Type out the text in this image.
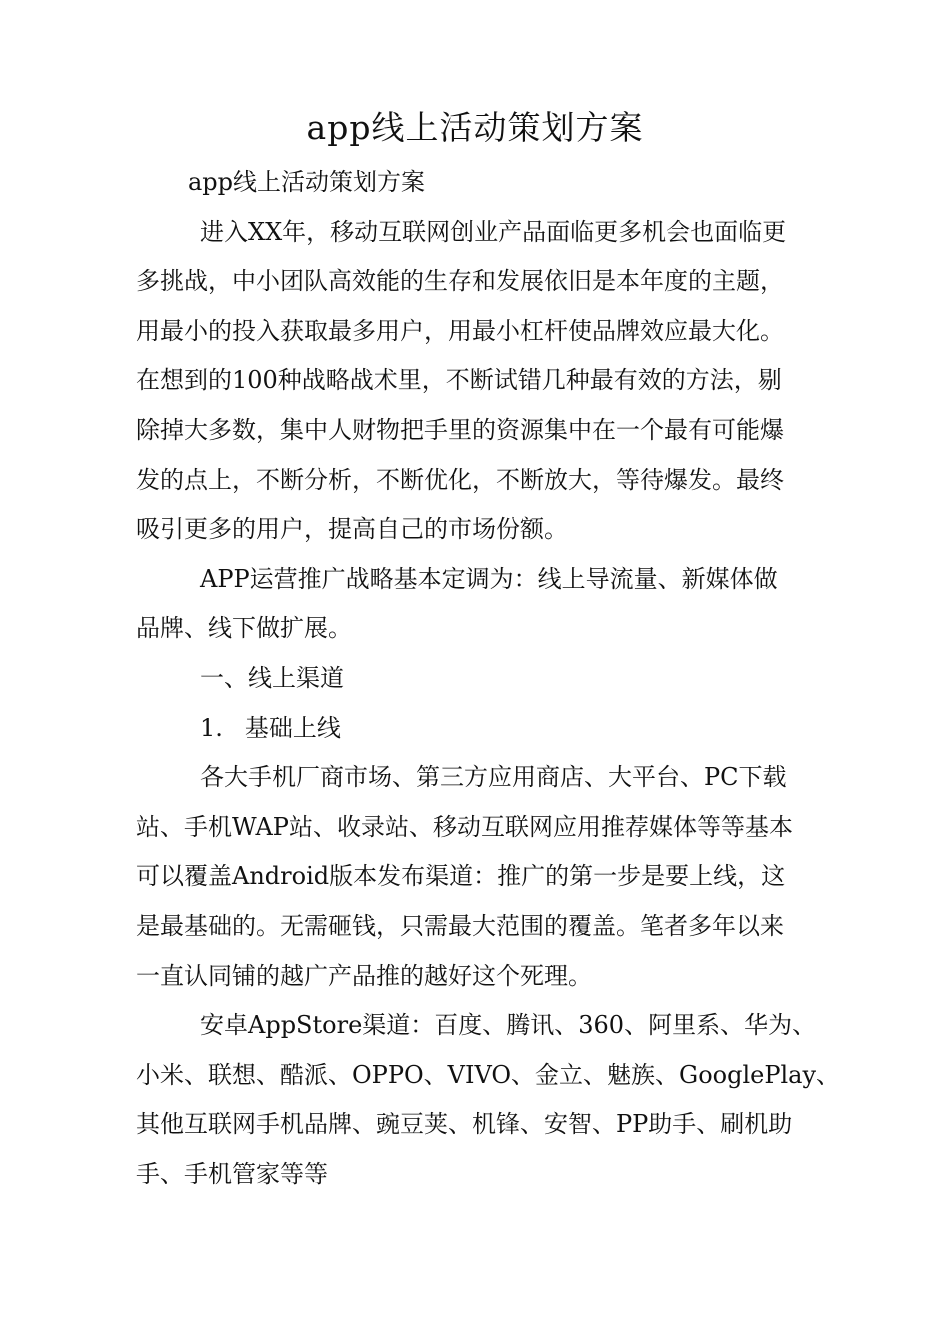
app线上活动策划方案
app线上活动策划方案
进入XX年，移动互联网创业产品面临更多机会也面临更
多挑战，中小团队高效能的生存和发展依旧是本年度的主题，
用最小的投入获取最多用户，用最小杠杆使品牌效应最大化。
在想到的100种战略战术里，不断试错几种最有效的方法，剔
除掉大多数，集中人财物把手里的资源集中在一个最有可能爆
发的点上，不断分析，不断优化，不断放大，等待爆发。最终
吸引更多的用户，提高自己的市场份额。
APP运营推广战略基本定调为：线上导流量、新媒体做
品牌、线下做扩展。
一、线上渠道
1. 基础上线
各大手机厂商市场、第三方应用商店、大平台、PC下载
站、手机WAP站、收录站、移动互联网应用推荐媒体等等基本
可以覆盖Android版本发布渠道：推广的第一步是要上线，这
是最基础的。无需砸钱，只需最大范围的覆盖。笔者多年以来
一直认同铺的越广产品推的越好这个死理。
安卓AppStore渠道：百度、腾讯、360、阿里系、华为、
小米、联想、酷派、OPPO、VIVO、金立、魅族、GooglePlay、
其他互联网手机品牌、豌豆荚、机锋、安智、PP助手、刷机助
手、手机管家等等
